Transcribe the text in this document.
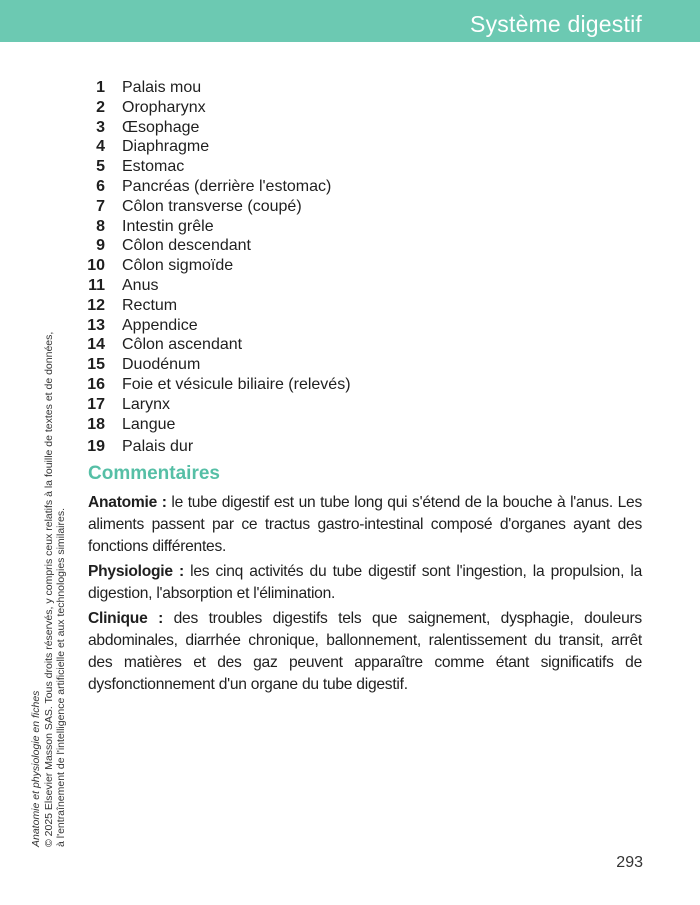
Système digestif
1 Palais mou
2 Oropharynx
3 Œsophage
4 Diaphragme
5 Estomac
6 Pancréas (derrière l'estomac)
7 Côlon transverse (coupé)
8 Intestin grêle
9 Côlon descendant
10 Côlon sigmoïde
11 Anus
12 Rectum
13 Appendice
14 Côlon ascendant
15 Duodénum
16 Foie et vésicule biliaire (relevés)
17 Larynx
18 Langue
19 Palais dur
Commentaires

Anatomie : le tube digestif est un tube long qui s'étend de la bouche à l'anus. Les aliments passent par ce tractus gastro-intestinal composé d'organes ayant des fonctions différentes.

Physiologie : les cinq activités du tube digestif sont l'ingestion, la propulsion, la digestion, l'absorption et l'élimination.

Clinique : des troubles digestifs tels que saignement, dysphagie, douleurs abdominales, diarrhée chronique, ballonnement, ralentissement du transit, arrêt des matières et des gaz peuvent apparaître comme étant significatifs de dysfonctionnement d'un organe du tube digestif.

Anatomie et physiologie en fiches © 2025 Elsevier Masson SAS. Tous droits réservés, y compris ceux relatifs à la fouille de textes et de données, à l'entraînement de l'intelligence artificielle et aux technologies similaires.
293
